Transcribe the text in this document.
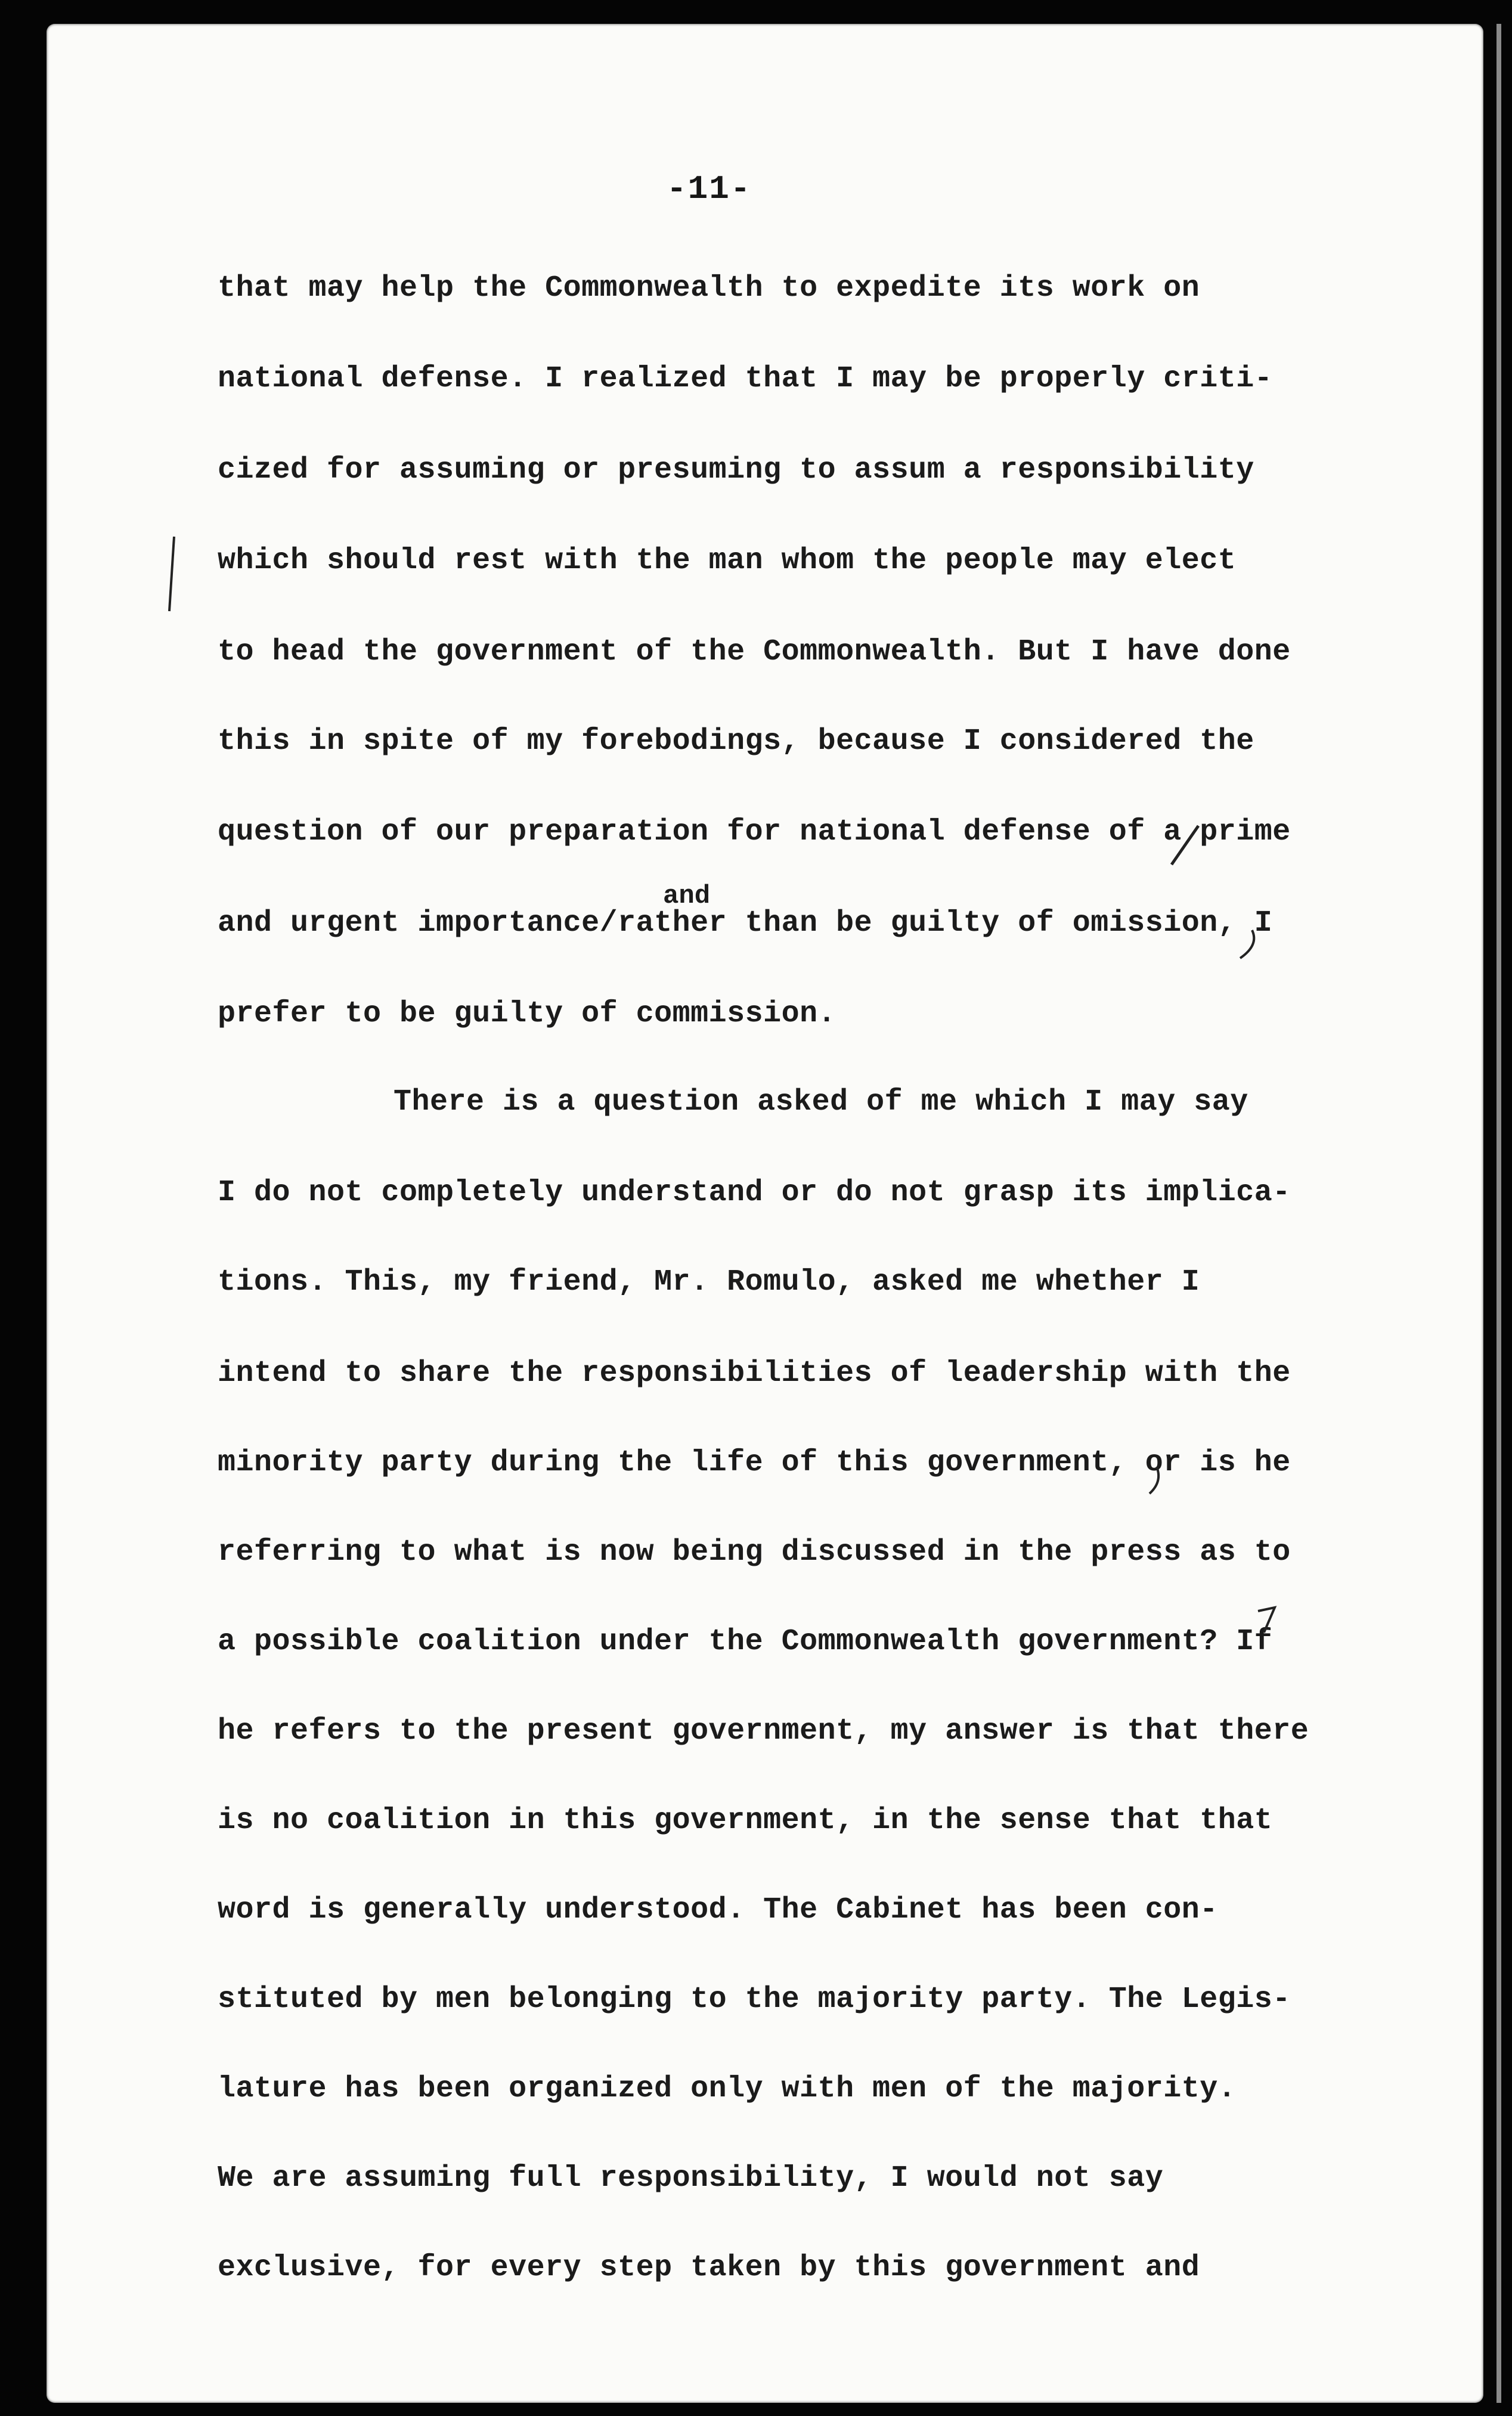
-11-
that may help the Commonwealth to expedite its work on
national defense. I realized that I may be properly criti-
cized for assuming or presuming to assum a responsibility
which should rest with the man whom the people may elect
to head the government of the Commonwealth. But I have done
this in spite of my forebodings, because I considered the
question of our preparation for national defense of a prime
and urgent importance/rather than be guilty of omission, I
prefer to be guilty of commission.
There is a question asked of me which I may say
I do not completely understand or do not grasp its implica-
tions. This, my friend, Mr. Romulo, asked me whether I
intend to share the responsibilities of leadership with the
minority party during the life of this government, or is he
referring to what is now being discussed in the press as to
a possible coalition under the Commonwealth government? If
he refers to the present government, my answer is that there
is no coalition in this government, in the sense that that
word is generally understood. The Cabinet has been con-
stituted by men belonging to the majority party. The Legis-
lature has been organized only with men of the majority.
We are assuming full responsibility, I would not say
exclusive, for every step taken by this government and
and
